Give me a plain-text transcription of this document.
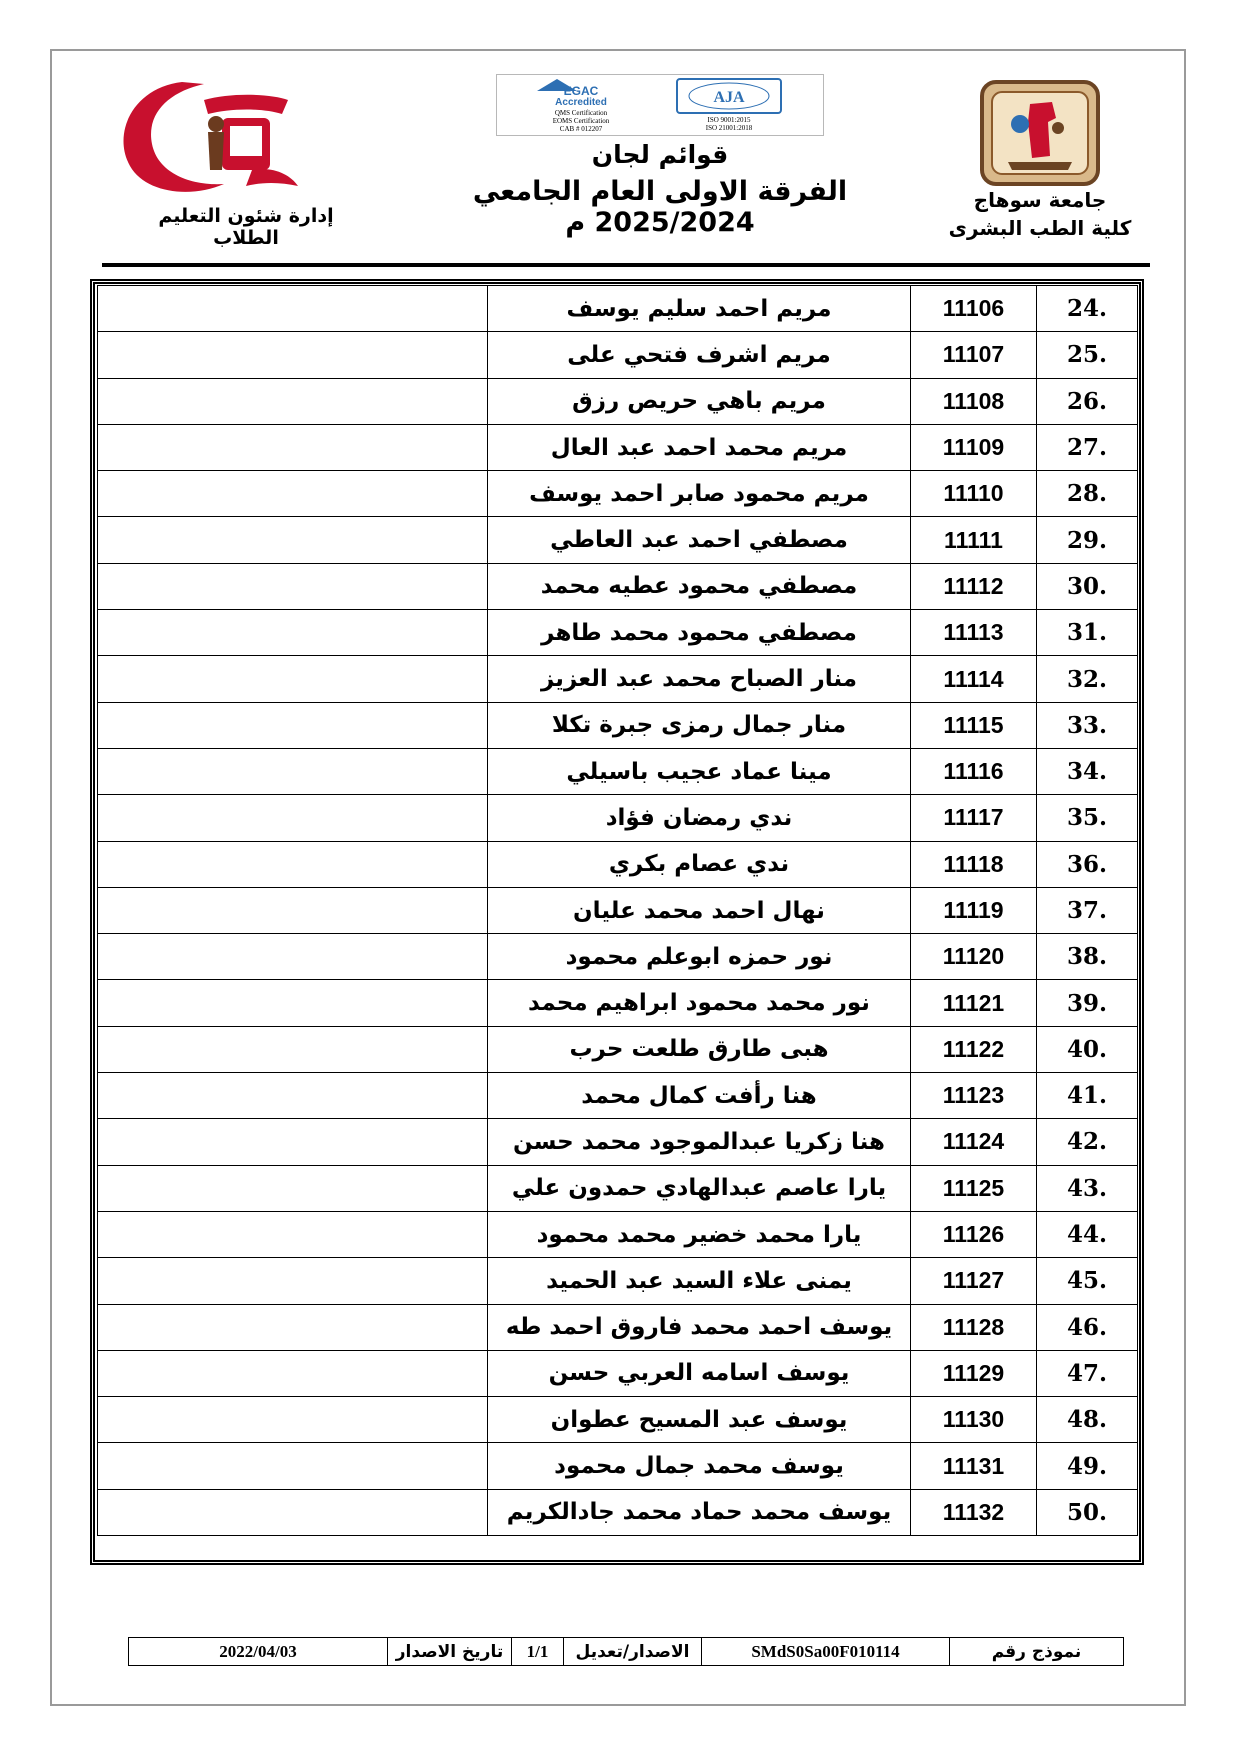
إدارة شئون التعليم الطلاب
EGAC
Accredited
QMS Certification
EOMS Certification
CAB # 012207
AJA
ISO 9001:2015
ISO 21001:2018
قوائم لجان
الفرقة الاولى العام الجامعي 2025/2024 م
جامعة سوهاج
كلية الطب البشرى
.24	11106	مريم احمد سليم يوسف	
.25	11107	مريم اشرف فتحي على	
.26	11108	مريم باهي حريص رزق	
.27	11109	مريم محمد احمد عبد العال	
.28	11110	مريم محمود صابر احمد يوسف	
.29	11111	مصطفي احمد عبد العاطي	
.30	11112	مصطفي محمود عطيه محمد	
.31	11113	مصطفي محمود محمد طاهر	
.32	11114	منار الصباح محمد عبد العزيز	
.33	11115	منار جمال رمزى جبرة تكلا	
.34	11116	مينا عماد عجيب باسيلي	
.35	11117	ندي رمضان فؤاد	
.36	11118	ندي عصام بكري	
.37	11119	نهال احمد محمد عليان	
.38	11120	نور حمزه ابوعلم محمود	
.39	11121	نور محمد محمود ابراهيم محمد	
.40	11122	هبى طارق طلعت حرب	
.41	11123	هنا رأفت كمال محمد	
.42	11124	هنا زكريا عبدالموجود محمد حسن	
.43	11125	يارا عاصم عبدالهادي حمدون علي	
.44	11126	يارا محمد خضير محمد محمود	
.45	11127	يمنى علاء السيد عبد الحميد	
.46	11128	يوسف احمد محمد فاروق احمد طه	
.47	11129	يوسف اسامه العربي حسن	
.48	11130	يوسف عبد المسيح عطوان	
.49	11131	يوسف محمد جمال محمود	
.50	11132	يوسف محمد حماد محمد جادالكريم	
نموذج رقم
SMdS0Sa00F010114
الاصدار/تعديل
1/1
تاريخ الاصدار
2022/04/03
